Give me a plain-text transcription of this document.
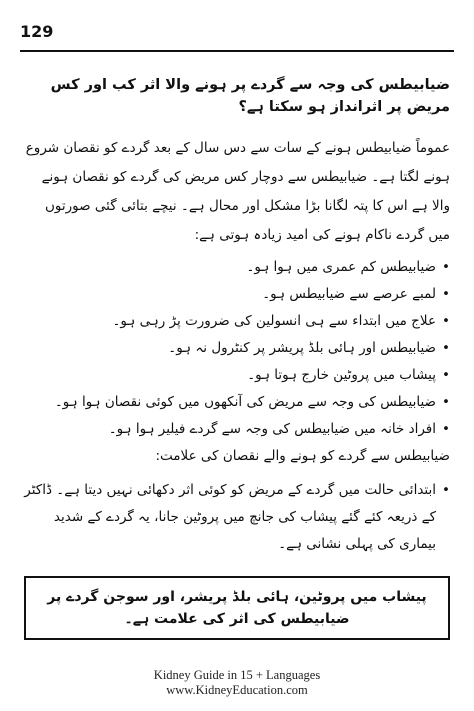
129
ضیابیطس کی وجہ سے گردے پر ہونے والا اثر کب اور کس مریض پر اثرانداز ہو سکتا ہے؟

عموماً ضیابیطس ہونے کے سات سے دس سال کے بعد گردے کو نقصان شروع ہونے لگتا ہے۔ ضیابیطس سے دوچار کس مریض کی گردے کو نقصان ہونے والا ہے اس کا پتہ لگانا بڑا مشکل اور محال ہے۔ نیچے بتائی گئی صورتوں میں گردے ناکام ہونے کی امید زیادہ ہوتی ہے:

• ضیابیطس کم عمری میں ہوا ہو۔
• لمبے عرصے سے ضیابیطس ہو۔
• علاج میں ابتداء سے ہی انسولین کی ضرورت پڑ رہی ہو۔
• ضیابیطس اور ہائی بلڈ پریشر پر کنٹرول نہ ہو۔
• پیشاب میں پروٹین خارج ہوتا ہو۔
• ضیابیطس کی وجہ سے مریض کی آنکھوں میں کوئی نقصان ہوا ہو۔
• افراد خانہ میں ضیابیطس کی وجہ سے گردے فیلیر ہوا ہو۔
ضیابیطس سے گردے کو ہونے والے نقصان کی علامت:

•
ابتدائی حالت میں گردے کے مریض کو کوئی اثر دکھائی نہیں دیتا ہے۔ ڈاکٹر کے ذریعہ کئے گئے پیشاب کی جانچ میں پروٹین جانا، یہ گردے کے شدید بیماری کی پہلی نشانی ہے۔

پیشاب میں پروٹین، ہائی بلڈ پریشر، اور سوجن گردے پر ضیابیطس کی اثر کی علامت ہے۔
Kidney Guide in 15 + Languages
www.KidneyEducation.com
